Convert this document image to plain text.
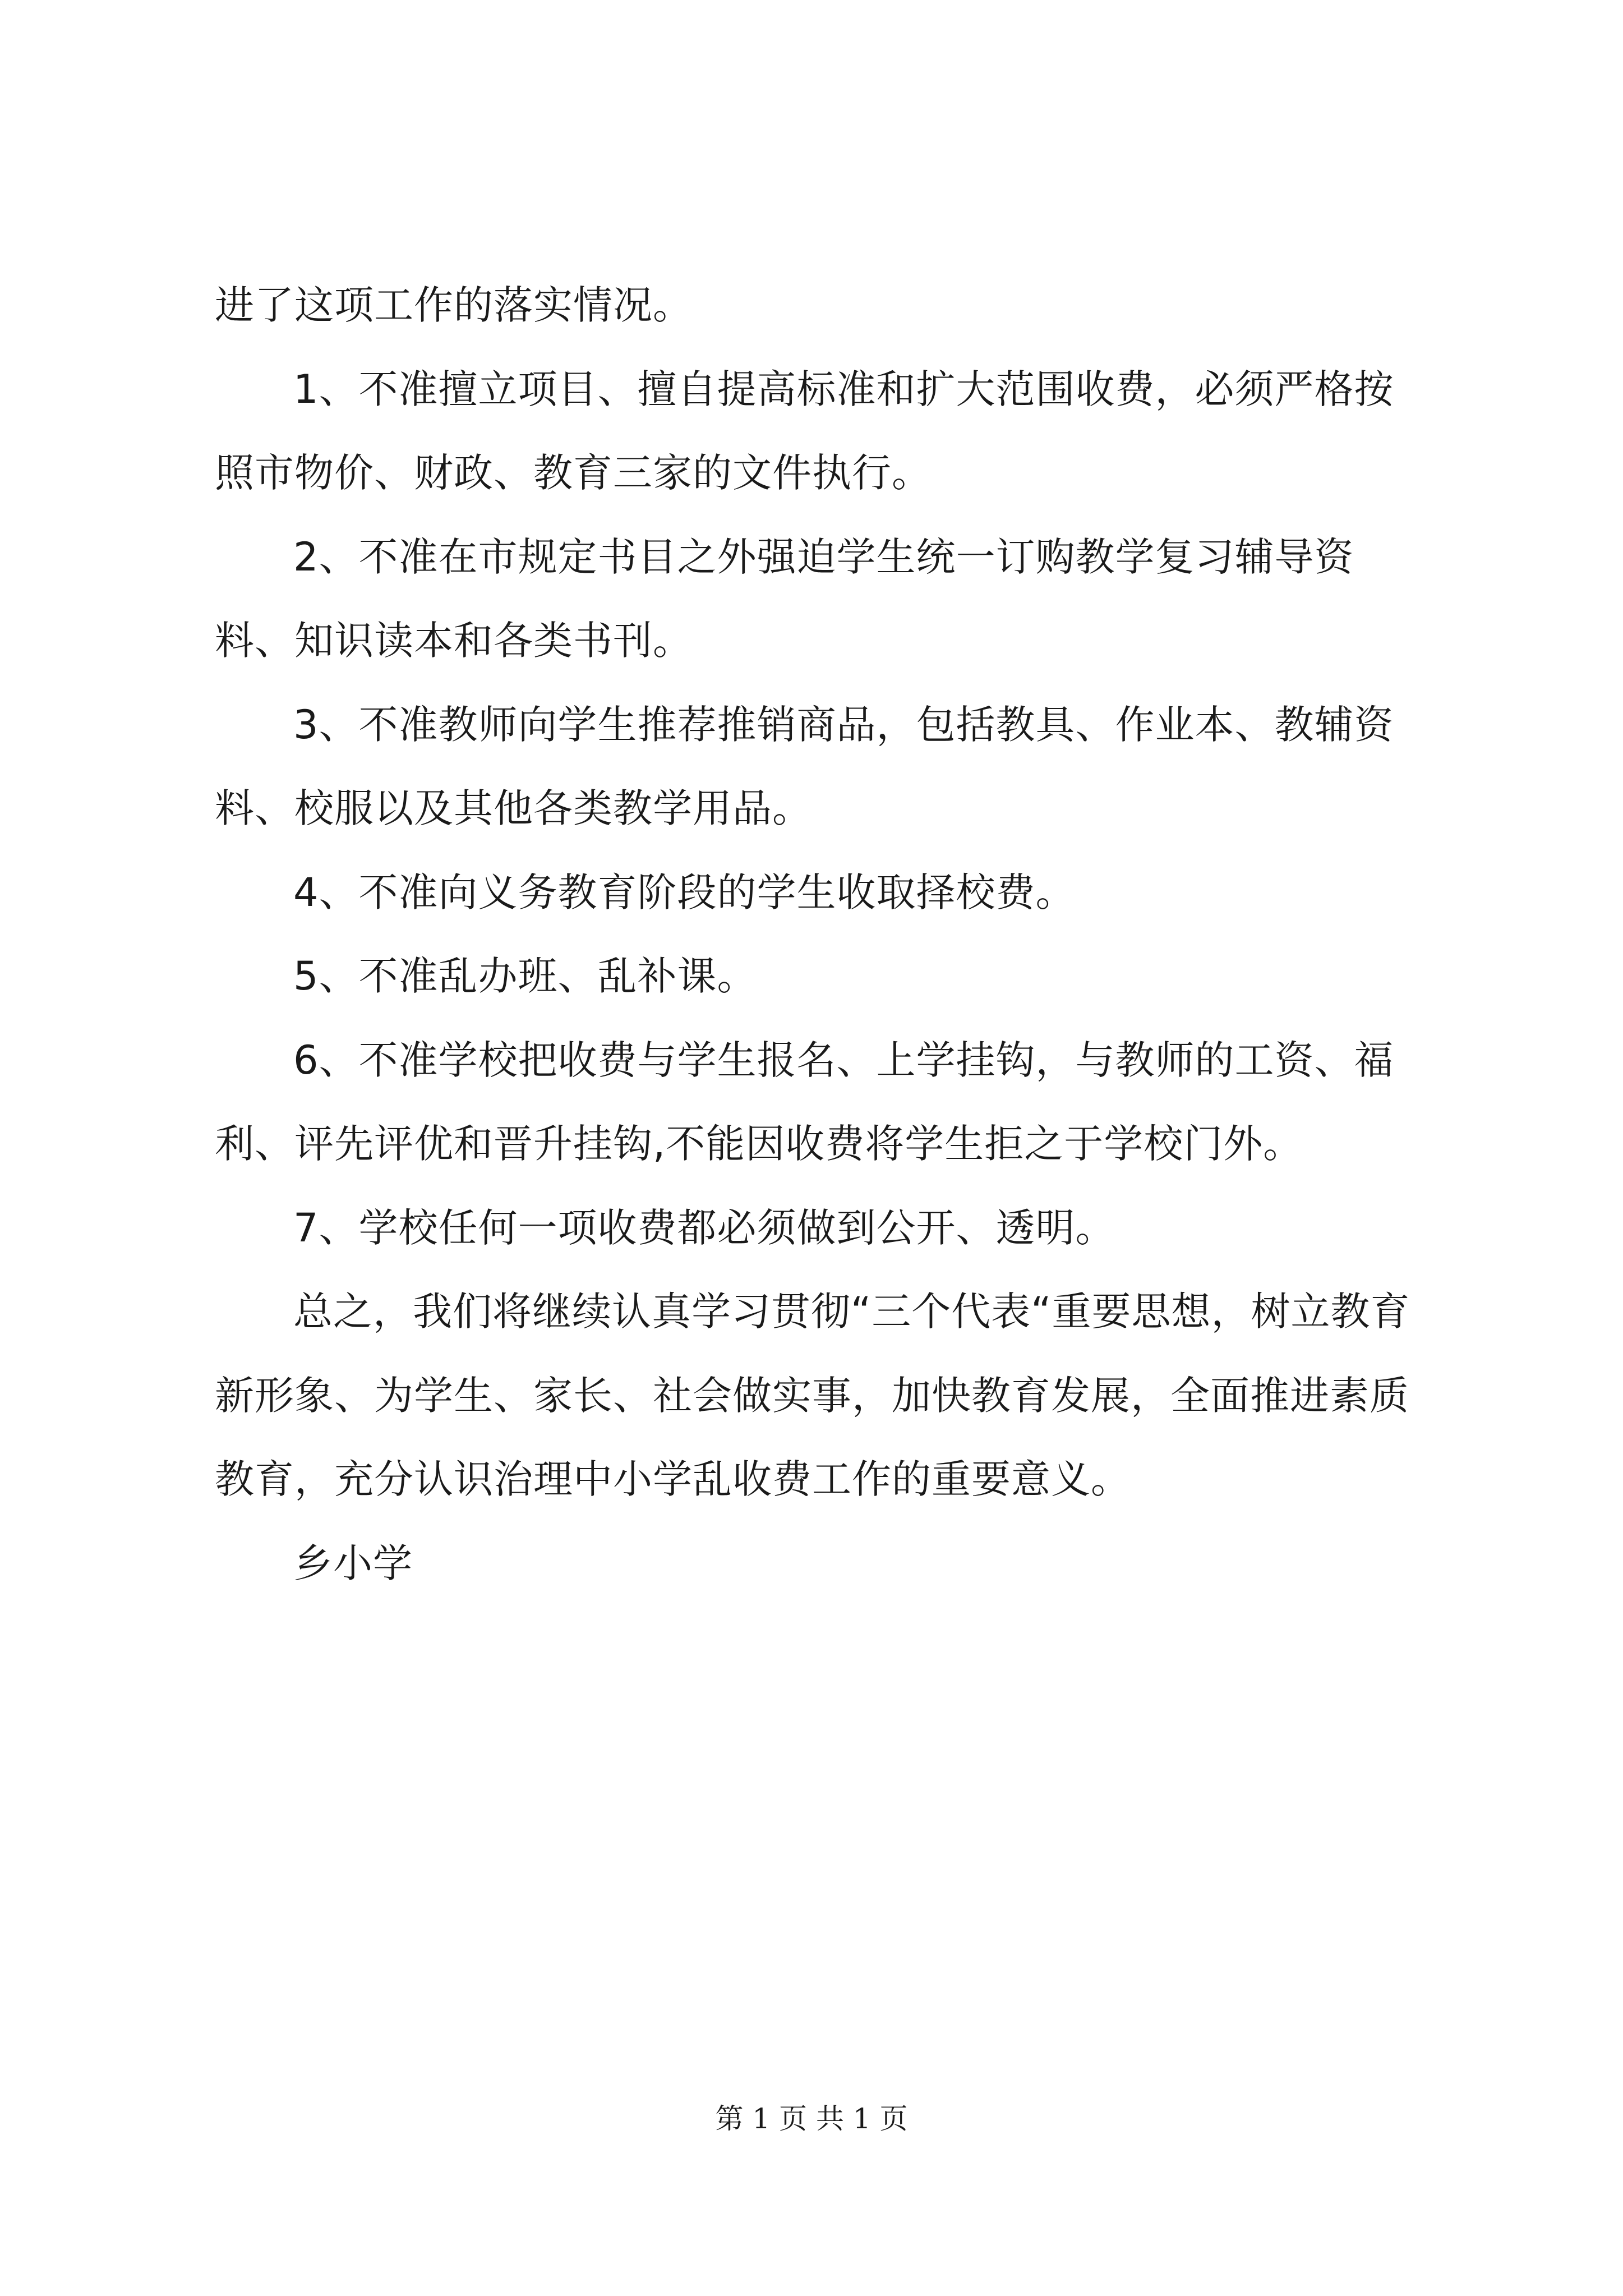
进了这项工作的落实情况。

1、不准擅立项目、擅自提高标准和扩大范围收费，必须严格按照市物价、财政、教育三家的文件执行。

2、不准在市规定书目之外强迫学生统一订购教学复习辅导资料、知识读本和各类书刊。

3、不准教师向学生推荐推销商品，包括教具、作业本、教辅资料、校服以及其他各类教学用品。

4、不准向义务教育阶段的学生收取择校费。

5、不准乱办班、乱补课。

6、不准学校把收费与学生报名、上学挂钩，与教师的工资、福利、评先评优和晋升挂钩,不能因收费将学生拒之于学校门外。

7、学校任何一项收费都必须做到公开、透明。

总之，我们将继续认真学习贯彻“三个代表“重要思想，树立教育新形象、为学生、家长、社会做实事，加快教育发展，全面推进素质教育，充分认识治理中小学乱收费工作的重要意义。

乡小学

第 1 页 共 1 页
